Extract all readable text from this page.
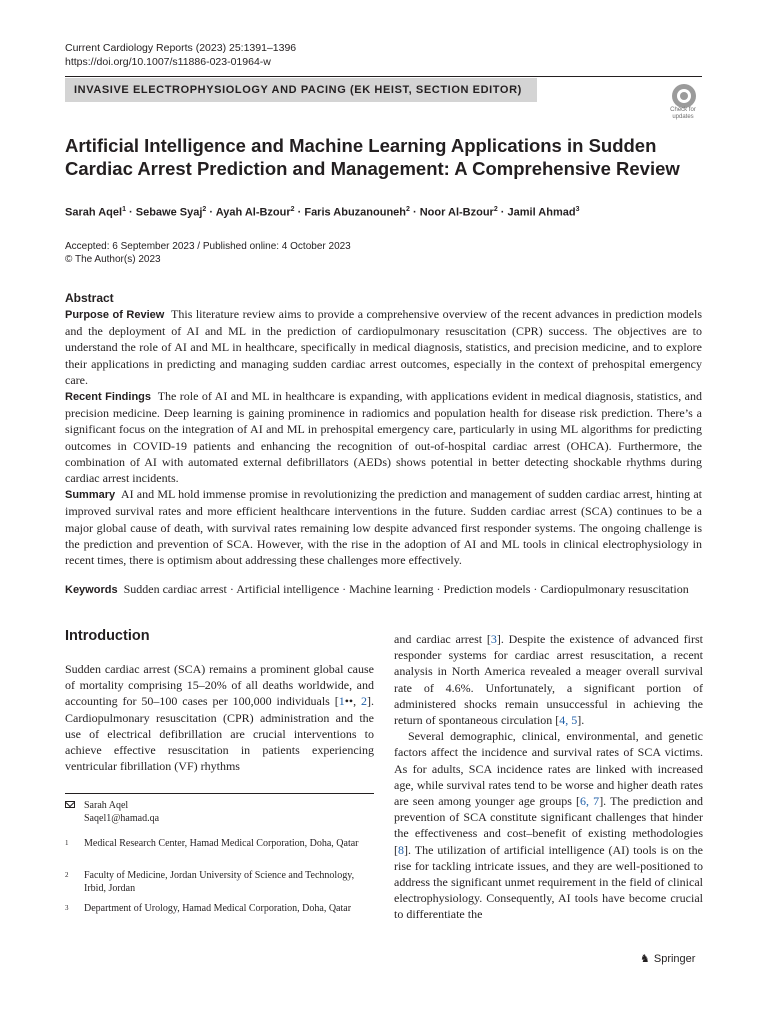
Current Cardiology Reports (2023) 25:1391–1396
https://doi.org/10.1007/s11886-023-01964-w
INVASIVE ELECTROPHYSIOLOGY AND PACING (EK HEIST, SECTION EDITOR)
Check for
updates
Artificial Intelligence and Machine Learning Applications in Sudden
Cardiac Arrest Prediction and Management: A Comprehensive Review
Sarah Aqel$^1$ · Sebawe Syaj$^2$ · Ayah Al-Bzour$^2$ · Faris Abuzanouneh$^2$ · Noor Al-Bzour$^2$ · Jamil Ahmad$^3$
Accepted: 6 September 2023 / Published online: 4 October 2023
© The Author(s) 2023
Abstract

Purpose of Review This literature review aims to provide a comprehensive overview of the recent advances in prediction models and the deployment of AI and ML in the prediction of cardiopulmonary resuscitation (CPR) success. The objectives are to understand the role of AI and ML in healthcare, specifically in medical diagnosis, statistics, and precision medicine, and to explore their applications in predicting and managing sudden cardiac arrest outcomes, especially in the context of prehospital emergency care.

Recent Findings The role of AI and ML in healthcare is expanding, with applications evident in medical diagnosis, statistics, and precision medicine. Deep learning is gaining prominence in radiomics and population health for disease risk prediction. There’s a significant focus on the integration of AI and ML in prehospital emergency care, particularly in using ML algorithms for predicting outcomes in COVID-19 patients and enhancing the recognition of out-of-hospital cardiac arrest (OHCA). Furthermore, the combination of AI with automated external defibrillators (AEDs) shows potential in better detecting shockable rhythms during cardiac arrest incidents.

Summary AI and ML hold immense promise in revolutionizing the prediction and management of sudden cardiac arrest, hinting at improved survival rates and more efficient healthcare interventions in the future. Sudden cardiac arrest (SCA) continues to be a major global cause of death, with survival rates remaining low despite advanced first responder systems. The ongoing challenge is the prediction and prevention of SCA. However, with the rise in the adoption of AI and ML tools in clinical electrophysiology in recent times, there is optimism about addressing these challenges more effectively.

Keywords Sudden cardiac arrest · Artificial intelligence · Machine learning · Prediction models · Cardiopulmonary resuscitation
Introduction

Sudden cardiac arrest (SCA) remains a prominent global cause of mortality comprising 15–20% of all deaths worldwide, and accounting for 50–100 cases per 100,000 individuals [1••, 2]. Cardiopulmonary resuscitation (CPR) administration and the use of electrical defibrillation are crucial interventions to achieve effective resuscitation in patients experiencing ventricular fibrillation (VF) rhythms

and cardiac arrest [3]. Despite the existence of advanced first responder systems for cardiac arrest resuscitation, a recent analysis in North America revealed a meager overall survival rate of 4.6%. Unfortunately, a significant portion of administered shocks remain unsuccessful in achieving the return of spontaneous circulation [4, 5].

Several demographic, clinical, environmental, and genetic factors affect the incidence and survival rates of SCA victims. As for adults, SCA incidence rates are linked with increased age, while survival rates tend to be worse and higher death rates are seen among younger age groups [6, 7]. The prediction and prevention of SCA constitute significant challenges that hinder the effectiveness and cost–benefit of existing methodologies [8]. The utilization of artificial intelligence (AI) tools is on the rise for tackling intricate issues, and they are well-positioned to address the significant unmet requirement in the field of clinical electrophysiology. Consequently, AI tools have become crucial to differentiate the

Sarah Aqel
Saqel1@hamad.qa
1 Medical Research Center, Hamad Medical Corporation, Doha, Qatar
2 Faculty of Medicine, Jordan University of Science and Technology, Irbid, Jordan
3 Department of Urology, Hamad Medical Corporation, Doha, Qatar
♞ Springer
